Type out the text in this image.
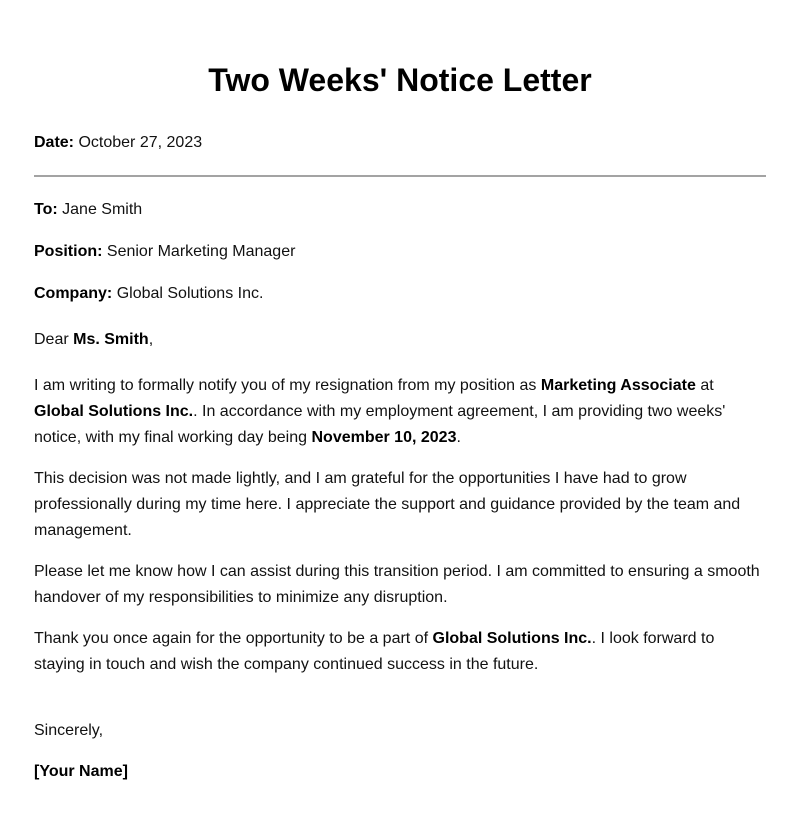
Two Weeks' Notice Letter

Date: October 27, 2023

To: Jane Smith

Position: Senior Marketing Manager

Company: Global Solutions Inc.

Dear Ms. Smith,

I am writing to formally notify you of my resignation from my position as Marketing Associate at Global Solutions Inc.. In accordance with my employment agreement, I am providing two weeks' notice, with my final working day being November 10, 2023.

This decision was not made lightly, and I am grateful for the opportunities I have had to grow professionally during my time here. I appreciate the support and guidance provided by the team and management.

Please let me know how I can assist during this transition period. I am committed to ensuring a smooth handover of my responsibilities to minimize any disruption.

Thank you once again for the opportunity to be a part of Global Solutions Inc.. I look forward to staying in touch and wish the company continued success in the future.

Sincerely,

[Your Name]
